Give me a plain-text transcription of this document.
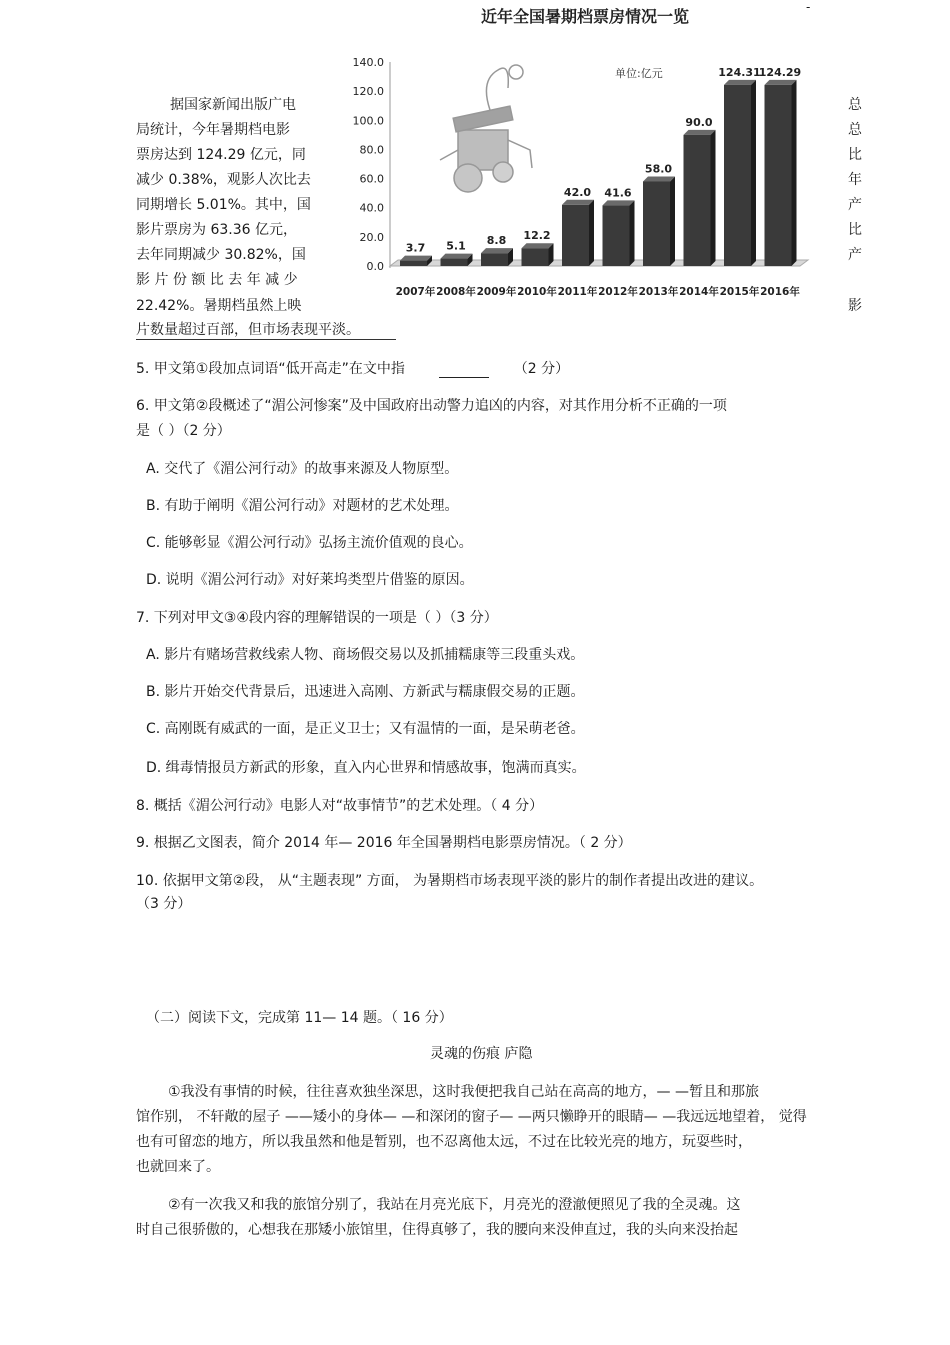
-
据国家新闻出版广电
局统计，今年暑期档电影
票房达到 124.29 亿元，同
减少 0.38%，观影人次比去
同期增长 5.01%。其中，国
影片票房为 63.36 亿元，
去年同期减少 30.82%，国
影 片 份 额 比 去 年 减 少
22.42%。暑期档虽然上映
片数量超过百部，但市场表现平淡。
总
总
比
年
产
比
产
影
近年全国暑期档票房情况一览
单位:亿元
0.0
20.0
40.0
60.0
80.0
100.0
120.0
140.0
3.7 5.1 8.8 12.2
42.0 41.6
58.0
90.0
124.31
124.29
2007年 2008年 2009年 2010年 2011年 2012年 2013年 2014年 2015年 2016年
5. 甲文第①段加点词语“低开高走”在文中指	（2 分）
6. 甲文第②段概述了“湄公河惨案”及中国政府出动警力追凶的内容，对其作用分析不正确的一项
是（ ）（2 分）
A. 交代了《湄公河行动》的故事来源及人物原型。
B. 有助于阐明《湄公河行动》对题材的艺术处理。
C. 能够彰显《湄公河行动》弘扬主流价值观的良心。
D. 说明《湄公河行动》对好莱坞类型片借鉴的原因。
7. 下列对甲文③④段内容的理解错误的一项是（ ）（3 分）
A. 影片有赌场营救线索人物、商场假交易以及抓捕糯康等三段重头戏。
B. 影片开始交代背景后，迅速进入高刚、方新武与糯康假交易的正题。
C. 高刚既有威武的一面，是正义卫士；又有温情的一面，是呆萌老爸。
D. 缉毒情报员方新武的形象，直入内心世界和情感故事，饱满而真实。
8. 概括《湄公河行动》电影人对“故事情节”的艺术处理。（ 4 分）
9. 根据乙文图表，简介 2014 年— 2016 年全国暑期档电影票房情况。（ 2 分）
10. 依据甲文第②段， 从“主题表现” 方面， 为暑期档市场表现平淡的影片的制作者提出改进的建议。
（3 分）
（二）阅读下文，完成第 11— 14 题。（ 16 分）
灵魂的伤痕 庐隐
①我没有事情的时候，往往喜欢独坐深思，这时我便把我自己站在高高的地方，— —暂且和那旅
馆作别， 不轩敞的屋子 ——矮小的身体— —和深闭的窗子— —两只懒睁开的眼睛— —我远远地望着， 觉得
也有可留恋的地方，所以我虽然和他是暂别，也不忍离他太远，不过在比较光亮的地方，玩耍些时，
也就回来了。
②有一次我又和我的旅馆分别了，我站在月亮光底下，月亮光的澄澈便照见了我的全灵魂。这
时自己很骄傲的，心想我在那矮小旅馆里，住得真够了，我的腰向来没伸直过，我的头向来没抬起
